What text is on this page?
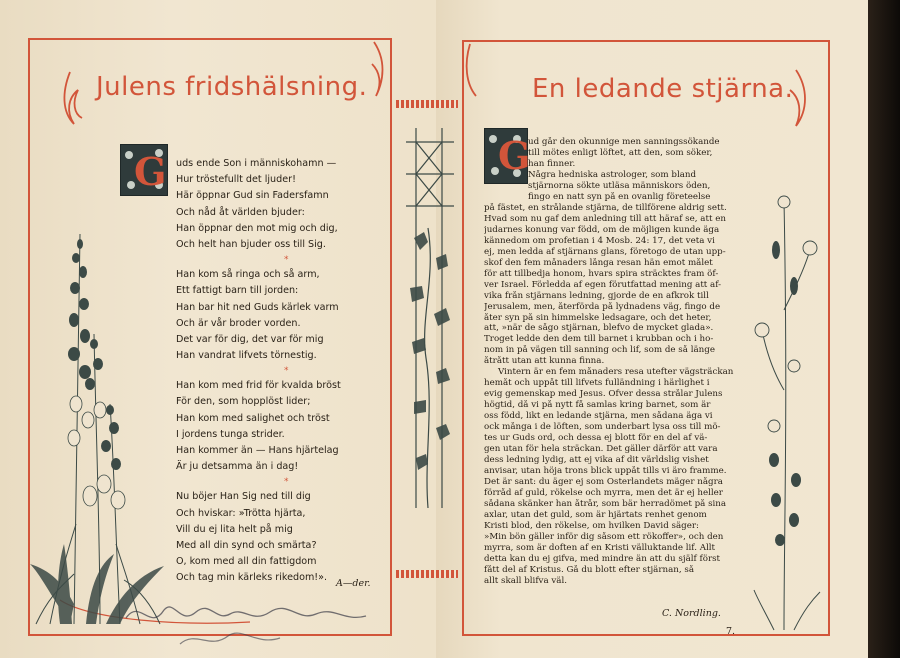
Julens fridshälsning.
G uds ende Son i människohamn —
Hur tröstefullt det ljuder!
Här öppnar Gud sin Fadersfamn
Och nåd åt världen bjuder:
Han öppnar den mot mig och dig,
Och helt han bjuder oss till Sig.
*
Han kom så ringa och så arm,
Ett fattigt barn till jorden:
Han bar hit ned Guds kärlek varm
Och är vår broder vorden.
Det var för dig, det var för mig
Han vandrat lifvets törnestig.
*
Han kom med frid för kvalda bröst
För den, som hopplöst lider;
Han kom med salighet och tröst
I jordens tunga strider.
Han kommer än — Hans hjärtelag
Är ju detsamma än i dag!
*
Nu böjer Han Sig ned till dig
Och hviskar: »Trötta hjärta,
Vill du ej lita helt på mig
Med all din synd och smärta?
O, kom med all din fattigdom
Och tag min kärleks rikedom!».
A—der.
En ledande stjärna.
G
ud går den okunnige men sanningssökande
till mötes enligt löftet, att den, som söker,
han finner.
Några hedniska astrologer, som bland
stjärnorna sökte utläsa människors öden,
fingo en natt syn på en ovanlig företeelse
på fästet, en strålande stjärna, de tillförene aldrig sett.
Hvad som nu gaf dem anledning till att häraf se, att en
judarnes konung var född, om de möjligen kunde äga
kännedom om profetian i 4 Mosb. 24: 17, det veta vi
ej, men ledda af stjärnans glans, företogo de utan upp-
skof den fem månaders långa resan hän emot målet
för att tillbedja honom, hvars spira sträcktes fram öf-
ver Israel. Förledda af egen förutfattad mening att af-
vika från stjärnans ledning, gjorde de en afkrok till
Jerusalem, men, återförda på lydnadens väg, fingo de
åter syn på sin himmelske ledsagare, och det heter,
att, »när de sågo stjärnan, blefvo de mycket glada».
Troget ledde den dem till barnet i krubban och i ho-
nom in på vägen till sanning och lif, som de så länge
åtrått utan att kunna finna.
Vintern är en fem månaders resa utefter vägsträckan
hemåt och uppåt till lifvets fulländning i härlighet i
evig gemenskap med Jesus. Öfver dessa strålar Julens
högtid, då vi på nytt få samlas kring barnet, som är
oss född, likt en ledande stjärna, men sådana äga vi
ock många i de löften, som underbart lysa oss till mö-
tes ur Guds ord, och dessa ej blott för en del af vä-
gen utan för hela sträckan. Det gäller därför att vara
dess ledning lydig, att ej vika af dit världslig vishet
anvisar, utan höja trons blick uppåt tills vi äro framme.
Det är sant: du äger ej som Österlandets mäger några
förråd af guld, rökelse och myrra, men det är ej heller
sådana skänker han åtrår, som bär herradömet på sina
axlar, utan det guld, som är hjärtats renhet genom
Kristi blod, den rökelse, om hvilken David säger:
»Min bön gäller inför dig såsom ett rökoffer», och den
myrra, som är doften af en Kristi välluktande lif. Allt
detta kan du ej gifva, med mindre än att du själf först
fått del af Kristus. Gå du blott efter stjärnan, så
allt skall blifva väl.
C. Nordling.
7.
